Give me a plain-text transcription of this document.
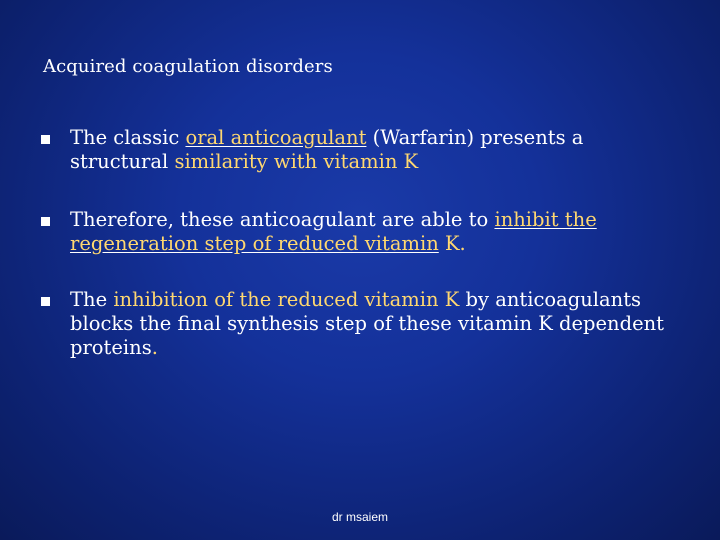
Acquired coagulation disorders
The classic oral anticoagulant (Warfarin) presents a structural similarity with vitamin K
Therefore, these anticoagulant are able to inhibit the regeneration step of reduced vitamin K.
The inhibition of the reduced vitamin K by anticoagulants blocks the final synthesis step of these vitamin K dependent proteins.
dr msaiem
